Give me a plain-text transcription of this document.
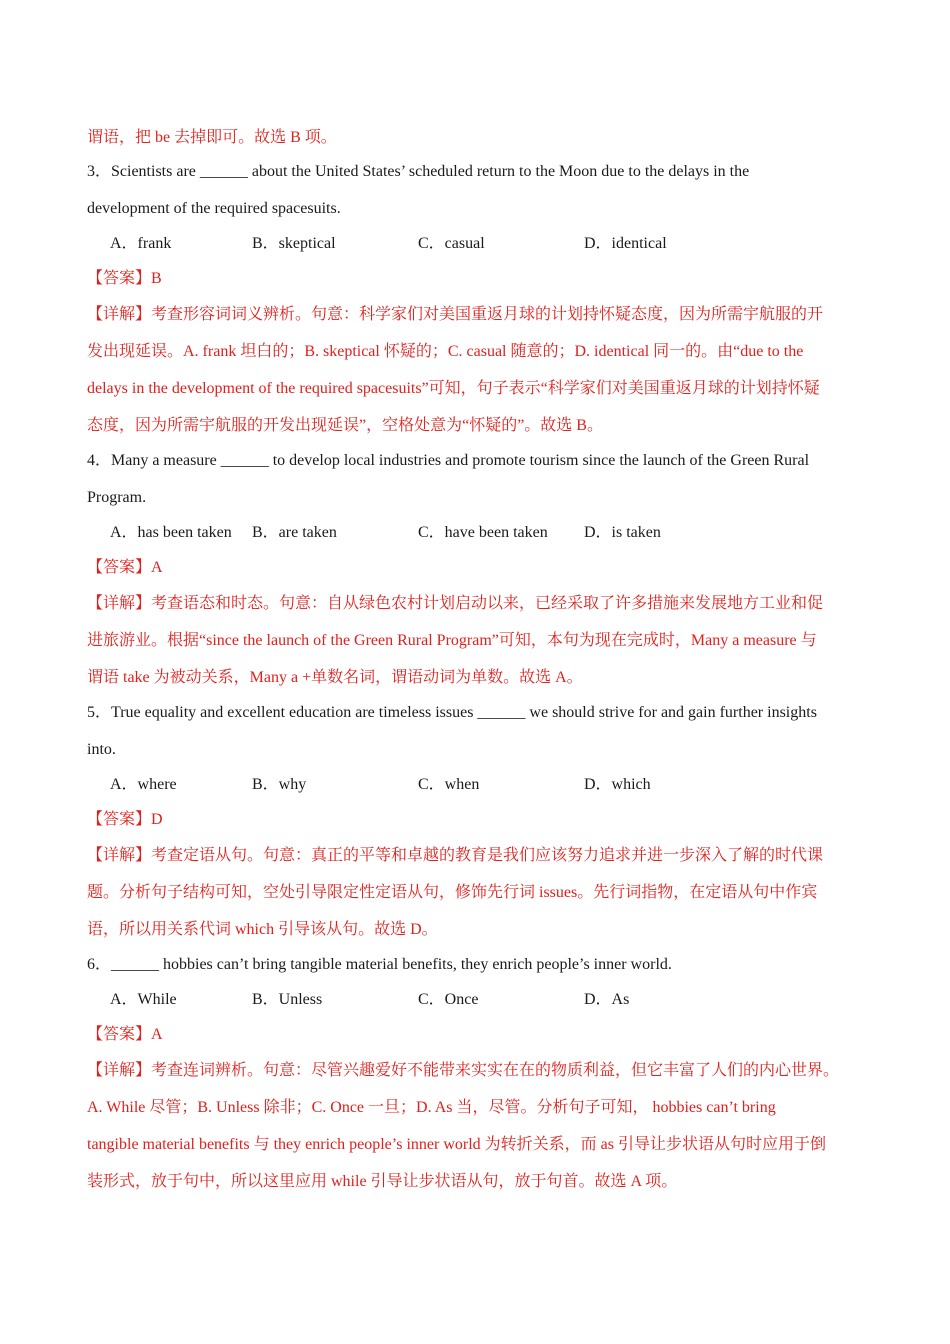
谓语，把 be 去掉即可。故选 B 项。
3．Scientists are ______ about the United States’ scheduled return to the Moon due to the delays in the
development of the required spacesuits.
A．frank	B．skeptical	C．casual	D．identical
【答案】B
【详解】考查形容词词义辨析。句意：科学家们对美国重返月球的计划持怀疑态度，因为所需宇航服的开
发出现延误。A. frank 坦白的；B. skeptical 怀疑的；C. casual 随意的；D. identical 同一的。由“due to the
delays in the development of the required spacesuits”可知，句子表示“科学家们对美国重返月球的计划持怀疑
态度，因为所需宇航服的开发出现延误”，空格处意为“怀疑的”。故选 B。
4．Many a measure ______ to develop local industries and promote tourism since the launch of the Green Rural
Program.
A．has been taken B．are taken	C．have been taken D．is taken
【答案】A
【详解】考查语态和时态。句意：自从绿色农村计划启动以来，已经采取了许多措施来发展地方工业和促
进旅游业。根据“since the launch of the Green Rural Program”可知，本句为现在完成时，Many a measure 与
谓语 take 为被动关系，Many a +单数名词，谓语动词为单数。故选 A。
5．True equality and excellent education are timeless issues ______ we should strive for and gain further insights
into.
A．where	B．why	C．when	D．which
【答案】D
【详解】考查定语从句。句意：真正的平等和卓越的教育是我们应该努力追求并进一步深入了解的时代课
题。分析句子结构可知，空处引导限定性定语从句，修饰先行词 issues。先行词指物，在定语从句中作宾
语，所以用关系代词 which 引导该从句。故选 D。
6．______ hobbies can’t bring tangible material benefits, they enrich people’s inner world.
A．While	B．Unless	C．Once	D．As
【答案】A
【详解】考查连词辨析。句意：尽管兴趣爱好不能带来实实在在的物质利益，但它丰富了人们的内心世界。
A. While 尽管；B. Unless 除非；C. Once 一旦；D. As 当，尽管。分析句子可知， hobbies can’t bring
tangible material benefits 与 they enrich people’s inner world 为转折关系，而 as 引导让步状语从句时应用于倒
装形式，放于句中，所以这里应用 while 引导让步状语从句，放于句首。故选 A 项。
